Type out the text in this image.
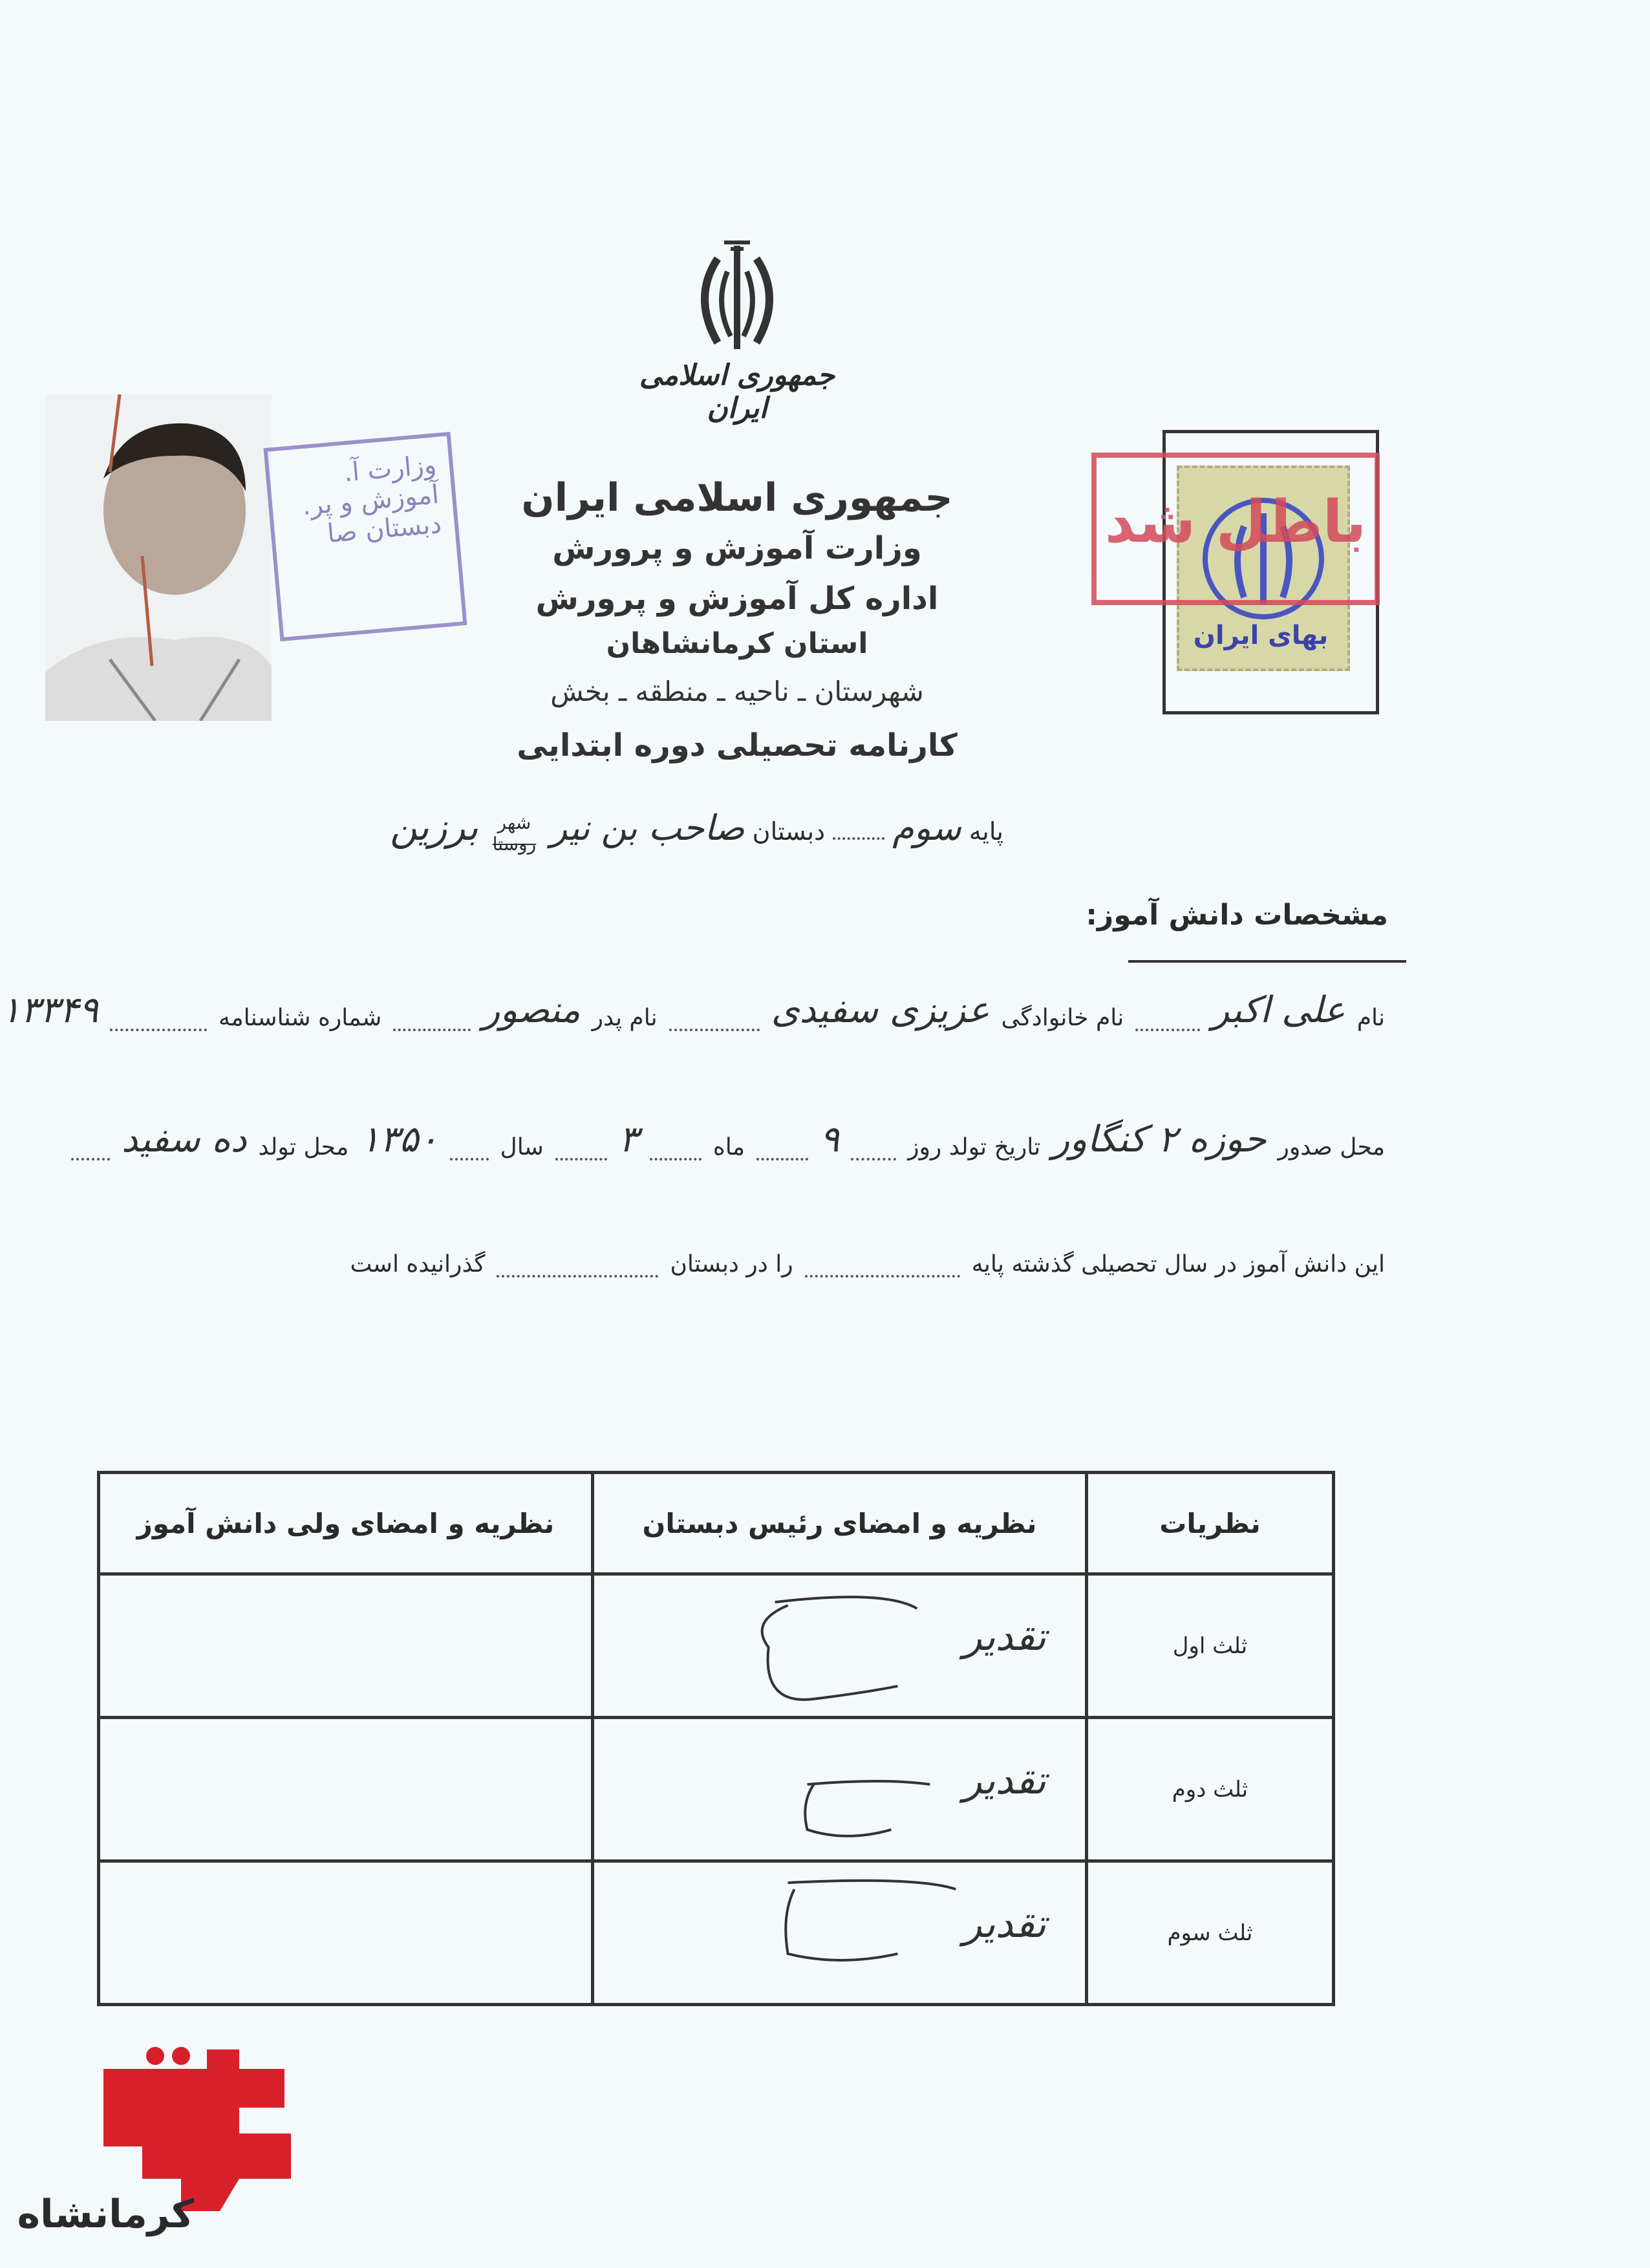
جمهوری اسلامی ایران
وزارت آ. آموزش و پر. دبستان صا	باطل شد
بهای ایران
جمهوری اسلامی ایران
وزارت آموزش و پرورش
اداره کل آموزش و پرورش
استان کرمانشاهان
شهرستان ـ ناحیه ـ منطقه ـ بخش
کارنامه تحصیلی دوره ابتدایی
پایه سوم  دبستان صاحب بن نیر شهر
روستا برزين
مشخصات دانش آموز:
نام
علی اکبر
نام خانوادگی
عزیزی سفیدی
نام پدر
منصور
شماره شناسنامه
۱۳۳۴۹
محل صدور
حوزه ۲ کنگاور
تاریخ تولد روز
۹
ماه
۳
سال
۱۳۵۰
محل تولد
ده سفید
این دانش آموز در سال تحصیلی گذشته پایه
را در دبستان
گذرانیده است
نظریات	نظریه و امضای رئیس دبستان	نظریه و امضای ولی دانش آموز
ثلث اول	تقدیر	

ثلث دوم	تقدیر	

ثلث سوم	تقدیر	

کرمانشاه
